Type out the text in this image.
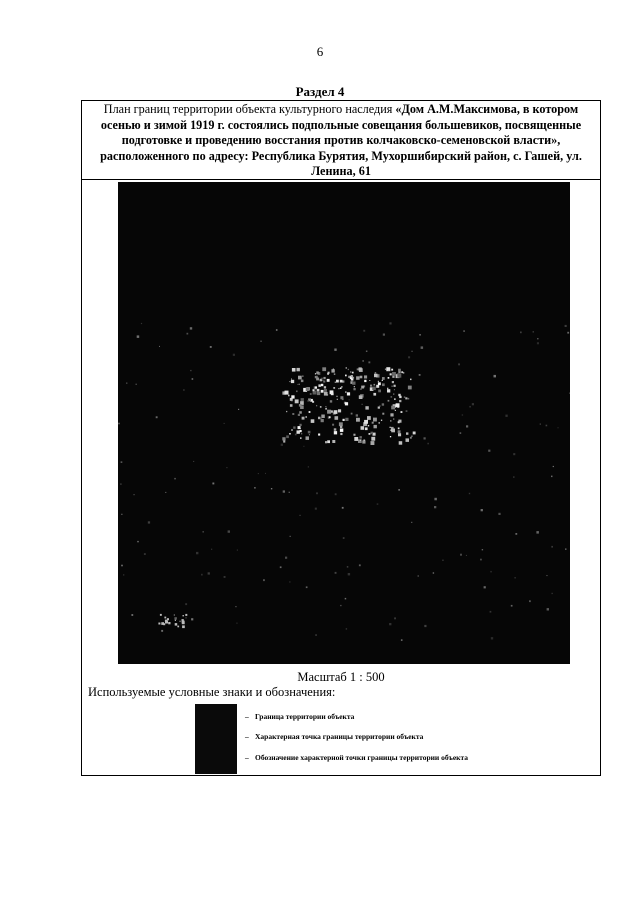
6
Раздел 4
План границ территории объекта культурного наследия «Дом А.М.Максимова, в котором осенью и зимой 1919 г. состоялись подпольные совещания большевиков, посвященные подготовке и проведению восстания против колчаковско-семеновской власти», расположенного по адресу: Республика Бурятия, Мухоршибирский район, с. Гашей, ул. Ленина, 61
Масштаб 1 : 500
Используемые условные знаки и обозначения:
– Граница территории объекта
– Характерная точка границы территории объекта
– Обозначение характерной точки границы территории объекта
